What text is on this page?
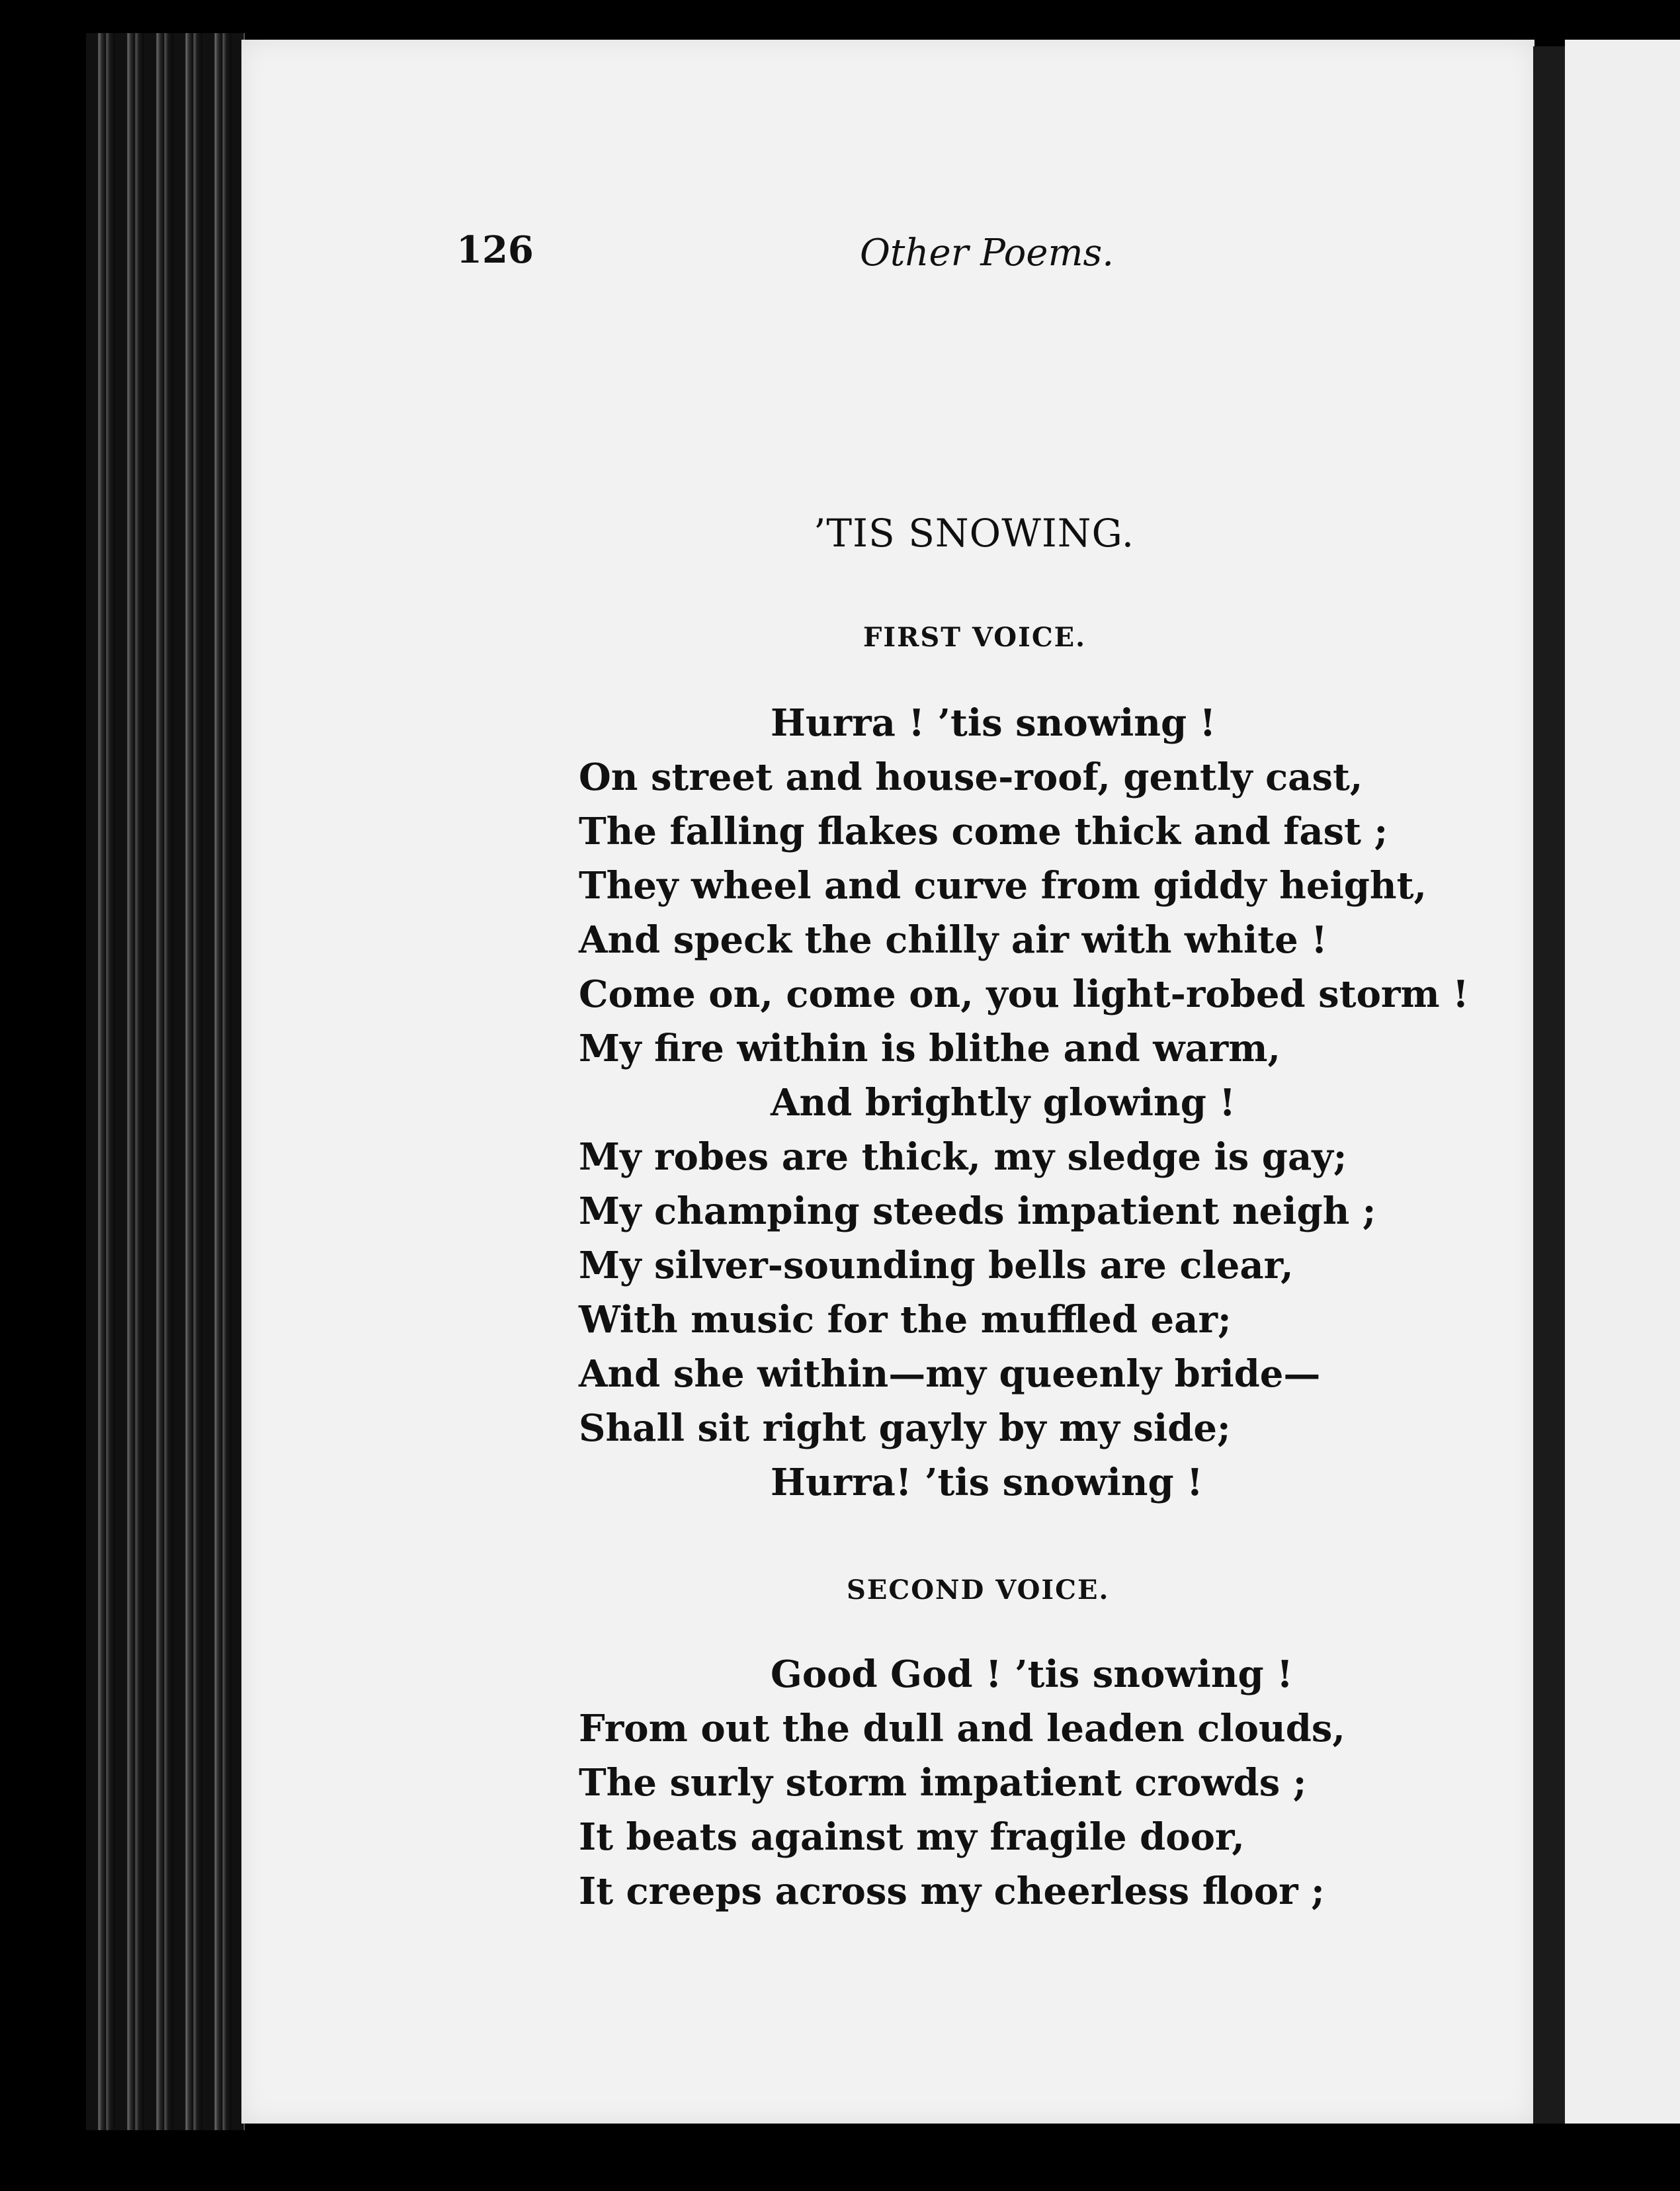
126	Other Poems.
’TIS SNOWING.
FIRST VOICE.
Hurra ! ’tis snowing !
On street and house-roof, gently cast,
The falling flakes come thick and fast ;
They wheel and curve from giddy height,
And speck the chilly air with white !
Come on, come on, you light-robed storm !
My fire within is blithe and warm,
And brightly glowing !
My robes are thick, my sledge is gay;
My champing steeds impatient neigh ;
My silver-sounding bells are clear,
With music for the muffled ear;
And she within—my queenly bride—
Shall sit right gayly by my side;
Hurra! ’tis snowing !
SECOND VOICE.
Good God ! ’tis snowing !
From out the dull and leaden clouds,
The surly storm impatient crowds ;
It beats against my fragile door,
It creeps across my cheerless floor ;
